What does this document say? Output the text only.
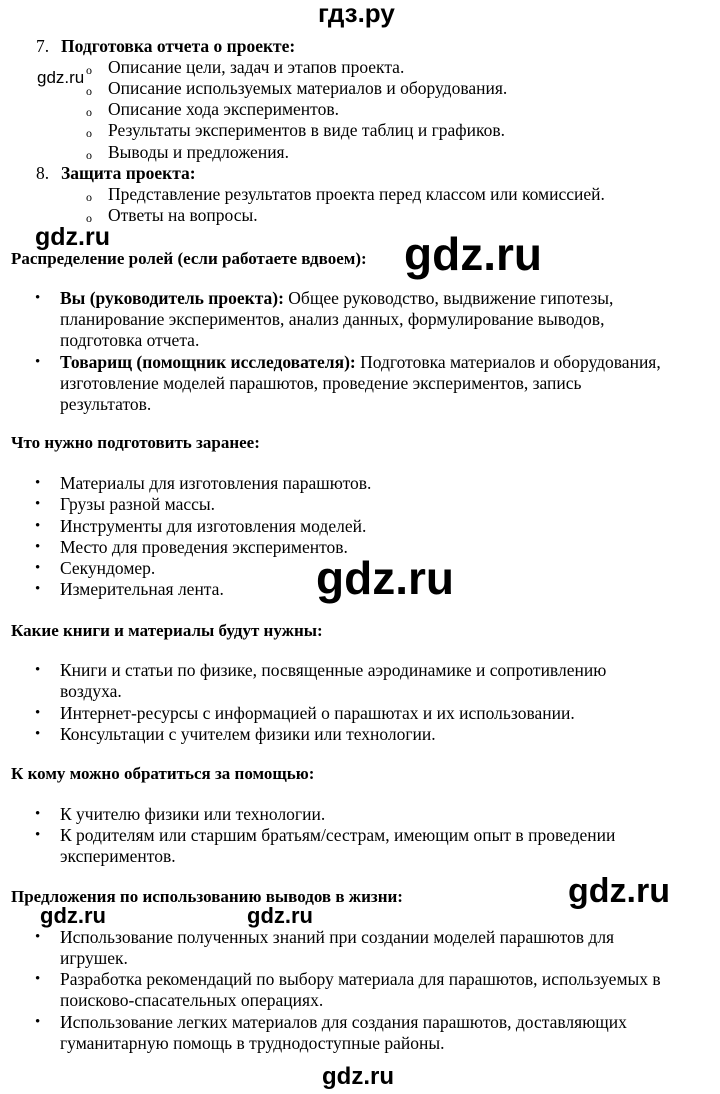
гдз.ру
7. Подготовка отчета о проекте:
gdz.ru o Описание цели, задач и этапов проекта.
o Описание используемых материалов и оборудования.
o Описание хода экспериментов.
o Результаты экспериментов в виде таблиц и графиков.
o Выводы и предложения.
8. Защита проекта:
o Представление результатов проекта перед классом или комиссией.
o Ответы на вопросы.
gdz.ru
Распределение ролей (если работаете вдвоем): gdz.ru
• Вы (руководитель проекта): Общее руководство, выдвижение гипотезы,
планирование экспериментов, анализ данных, формулирование выводов,
подготовка отчета.
• Товарищ (помощник исследователя): Подготовка материалов и оборудования,
изготовление моделей парашютов, проведение экспериментов, запись
результатов.
Что нужно подготовить заранее:
• Материалы для изготовления парашютов.
• Грузы разной массы.
• Инструменты для изготовления моделей.
• Место для проведения экспериментов.
• Секундомер.
• Измерительная лента. gdz.ru
Какие книги и материалы будут нужны:
• Книги и статьи по физике, посвященные аэродинамике и сопротивлению
воздуха.
• Интернет-ресурсы с информацией о парашютах и их использовании.
• Консультации с учителем физики или технологии.
К кому можно обратиться за помощью:
• К учителю физики или технологии.
• К родителям или старшим братьям/сестрам, имеющим опыт в проведении
экспериментов.
Предложения по использованию выводов в жизни:	gdz.ru
gdz.ru	gdz.ru
• Использование полученных знаний при создании моделей парашютов для
игрушек.
• Разработка рекомендаций по выбору материала для парашютов, используемых в
поисково-спасательных операциях.
• Использование легких материалов для создания парашютов, доставляющих
гуманитарную помощь в труднодоступные районы.
gdz.ru
